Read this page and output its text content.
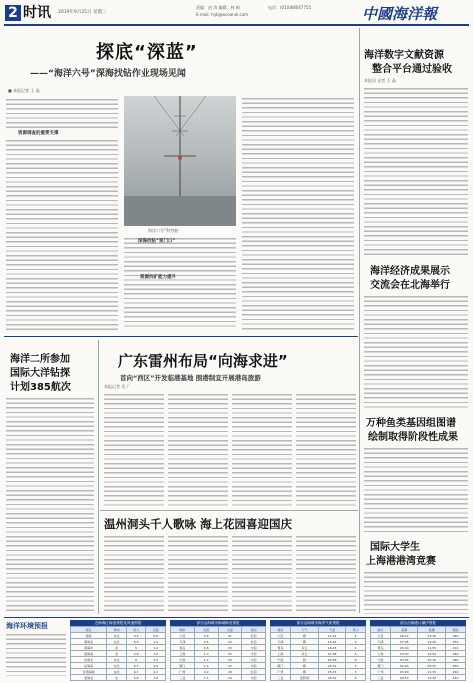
2 时讯 2019年9月25日 星期三
责编：赵 涛 编辑：林 枫	电话：(010)68047755
E-mail: hyb@oceanol.com	中國海洋報
探底“深蓝”
——“海洋六号”深海找钻作业现场见闻
■ 本报记者 王 晶
资源调查的重要支撑
海洋六号”科考船
深海找钻“家门口”
资源找矿能力提升
海洋数字文献资源
整合平台通过验收
本报讯 记者 王 晶
海洋经济成果展示
交流会在北海举行
万种鱼类基因组图谱
绘制取得阶段性成果
国际大学生
上海港港湾竞赛
海洋二所参加
国际大洋钻探
计划385航次
广东雷州布局“向海求进”
首向“西区”开发临港基地 围港制宜开展港岛旅游
本报记者 吴 广
温州洞头千人歌咏 海上花园喜迎国庆
海洋环境预报	近海海区海浪预报及风速预报
海区	风向	风力	浪高
渤海	东北	4-5	0.8
黄海北	东北	5-6	1.2
黄海中	北	5	1.0
黄海南	北	5-6	1.5
东海北	东北	6	2.0
东海南	东北	6-7	2.5
台湾海峡	东北	6-7	2.2
南海北	东	5-6	1.8
部分沿海城市海域海况预报
城市	浪高	水温	海况
大连	0.6	21	轻浪
天津	0.5	22	轻浪
青岛	0.8	23	中浪
上海	1.0	25	中浪
宁波	1.2	26	中浪
厦门	1.3	27	中浪
广州	0.9	28	轻浪
三亚	1.1	29	中浪
部分沿海城市海洋气象预报
城市	天气	气温	风力
大连	晴	14-24	4
天津	晴	15-26	3
青岛	多云	18-25	4
上海	多云	21-28	4
宁波	阴	22-28	5
厦门	晴	24-31	5
广州	晴	25-33	3
三亚	雷阵雨	26-32	4
部分沿海港口潮汐预报
港口	高潮	低潮	潮高
大连	06:12	12:30	320
天津	07:05	13:20	350
青岛	05:40	11:55	410
上海	04:30	10:50	380
宁波	03:55	10:10	390
厦门	02:40	08:55	560
广州	05:20	11:35	260
三亚	09:10	15:40	140
